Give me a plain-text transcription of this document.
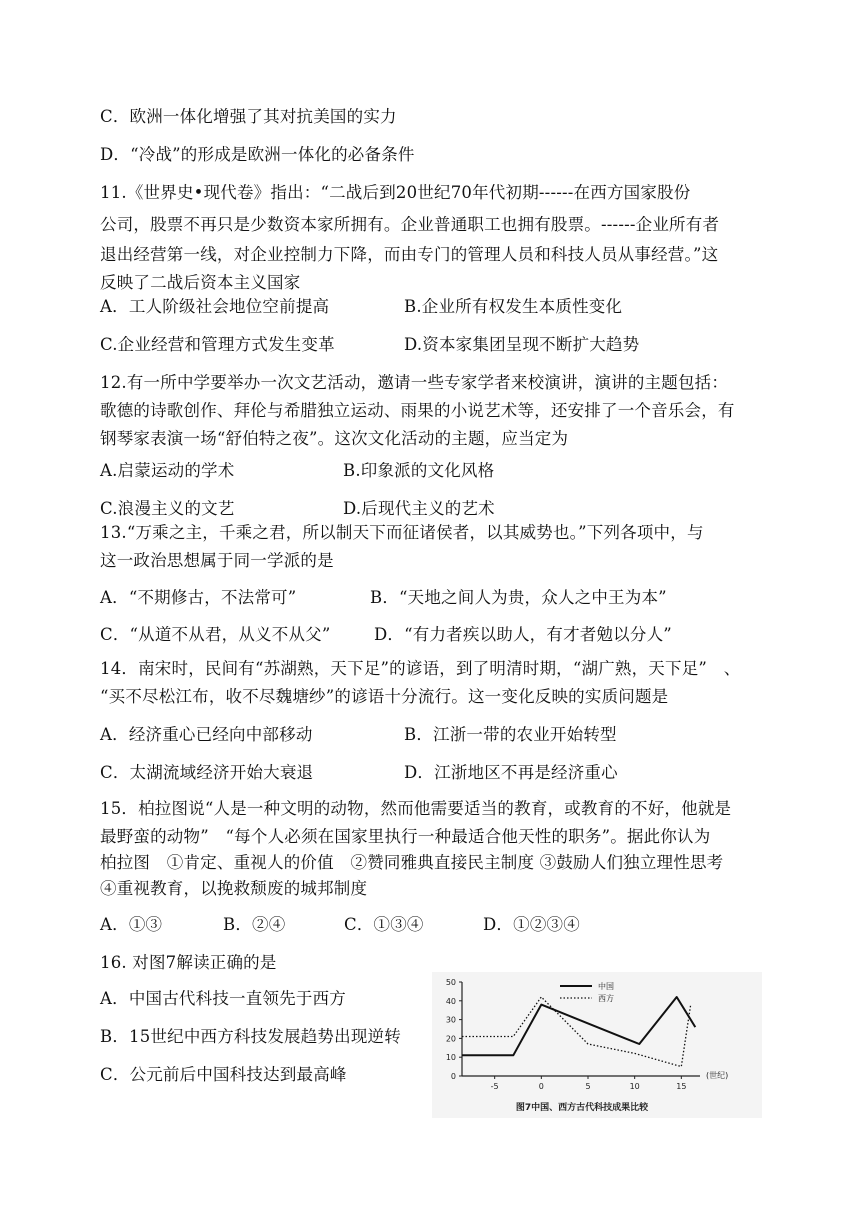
C．欧洲一体化增强了其对抗美国的实力
D．“冷战”的形成是欧洲一体化的必备条件
11.《世界史•现代卷》指出：“二战后到20世纪70年代初期------在西方国家股份
公司，股票不再只是少数资本家所拥有。企业普通职工也拥有股票。------企业所有者
退出经营第一线，对企业控制力下降，而由专门的管理人员和科技人员从事经营。”这
反映了二战后资本主义国家
A．工人阶级社会地位空前提高	B.企业所有权发生本质性变化
C.企业经营和管理方式发生变革	D.资本家集团呈现不断扩大趋势
12.有一所中学要举办一次文艺活动，邀请一些专家学者来校演讲，演讲的主题包括：
歌德的诗歌创作、拜伦与希腊独立运动、雨果的小说艺术等，还安排了一个音乐会，有
钢琴家表演一场“舒伯特之夜”。这次文化活动的主题，应当定为
A.启蒙运动的学术	B.印象派的文化风格
C.浪漫主义的文艺	D.后现代主义的艺术
13.“万乘之主，千乘之君，所以制天下而征诸侯者，以其威势也。”下列各项中，与
这一政治思想属于同一学派的是
A．“不期修古，不法常可”	B．“天地之间人为贵，众人之中王为本”
C．“从道不从君，从义不从父”	D．“有力者疾以助人，有才者勉以分人”
14．南宋时，民间有“苏湖熟，天下足”的谚语，到了明清时期，“湖广熟，天下足”　、
“买不尽松江布，收不尽魏塘纱”的谚语十分流行。这一变化反映的实质问题是
A．经济重心已经向中部移动	B．江浙一带的农业开始转型
C．太湖流域经济开始大衰退	D．江浙地区不再是经济重心
15．柏拉图说“人是一种文明的动物，然而他需要适当的教育，或教育的不好，他就是
最野蛮的动物”　“每个人必须在国家里执行一种最适合他天性的职务”。据此你认为
柏拉图　①肯定、重视人的价值　②赞同雅典直接民主制度 ③鼓励人们独立理性思考
④重视教育，以挽救颓废的城邦制度
A．①③	B．②④	C．①③④	D．①②③④
16. 对图7解读正确的是
A．中国古代科技一直领先于西方
B．15世纪中西方科技发展趋势出现逆转
C．公元前后中国科技达到最高峰	0
10
20
30
40
50
-5	0	5	10	15
(世纪)
中国
西方
图7中国、西方古代科技成果比较
